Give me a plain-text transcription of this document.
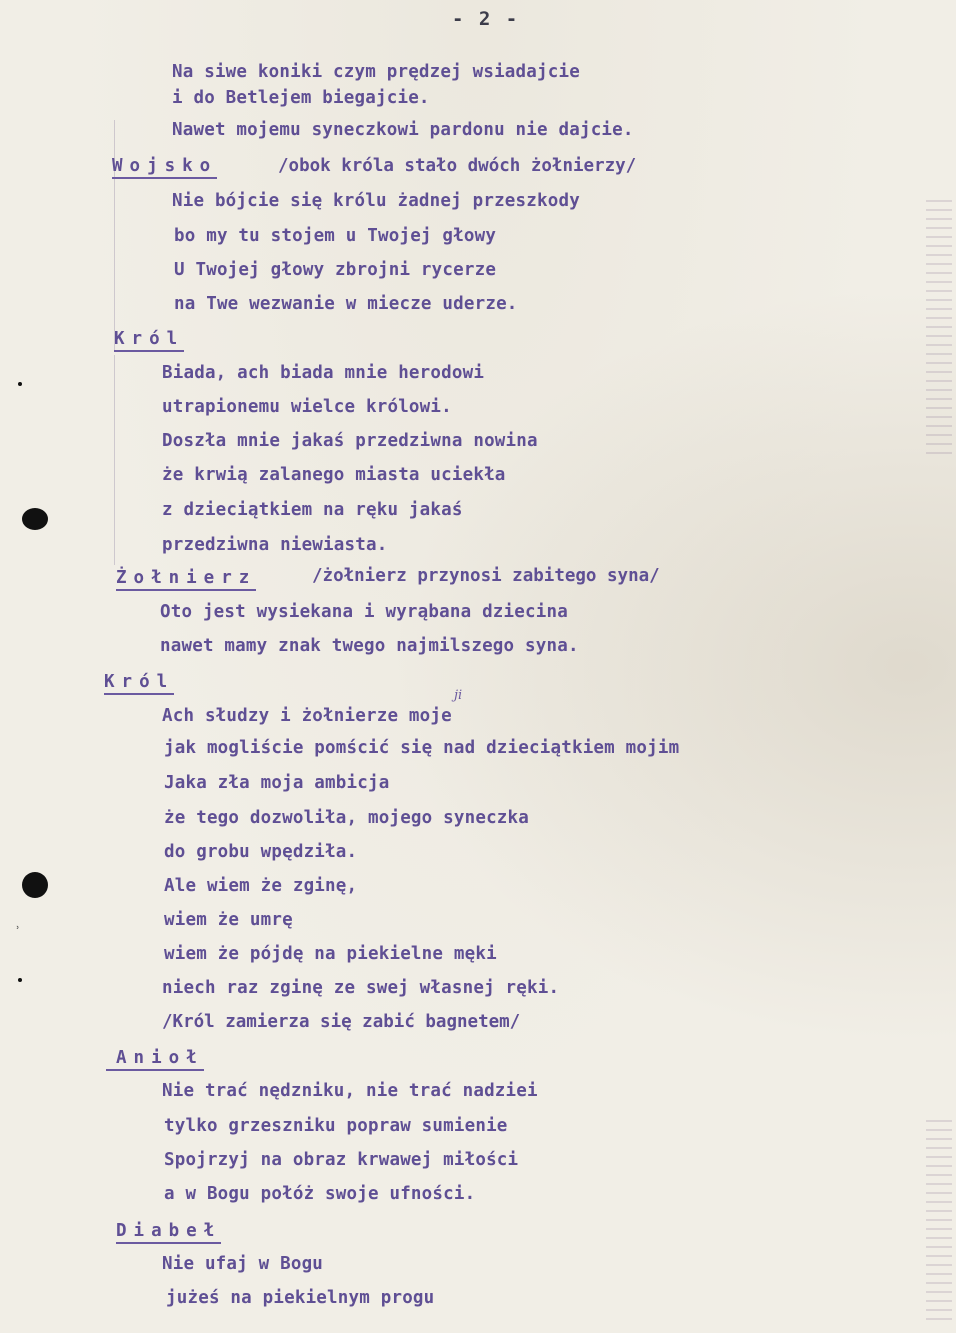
- 2 -
Na siwe koniki czym prędzej wsiadajcie
i do Betlejem biegajcie.
Nawet mojemu syneczkowi pardonu nie dajcie.
Wojsko	/obok króla stało dwóch żołnierzy/
Nie bójcie się królu żadnej przeszkody
bo my tu stojem u Twojej głowy
U Twojej głowy zbrojni rycerze
na Twe wezwanie w miecze uderze.
Król
Biada, ach biada mnie herodowi
utrapionemu wielce królowi.
Doszła mnie jakaś przedziwna nowina
że krwią zalanego miasta uciekła
z dzieciątkiem na ręku jakaś
przedziwna niewiasta.
Żołnierz	/żołnierz przynosi zabitego syna/
Oto jest wysiekana i wyrąbana dziecina
nawet mamy znak twego najmilszego syna.
Król
ji
Ach słudzy i żołnierze moje
jak mogliście pomścić się nad dzieciątkiem mojim
Jaka zła moja ambicja
że tego dozwoliła, mojego syneczka
do grobu wpędziła.
Ale wiem że zginę,
wiem że umrę
wiem że pójdę na piekielne męki
niech raz zginę ze swej własnej ręki.
/Król zamierza się zabić bagnetem/
Anioł
Nie trać nędzniku, nie trać nadziei
tylko grzeszniku popraw sumienie
Spojrzyj na obraz krwawej miłości
a w Bogu połóż swoje ufności.
Diabeł
Nie ufaj w Bogu
jużeś na piekielnym progu
ʾ
